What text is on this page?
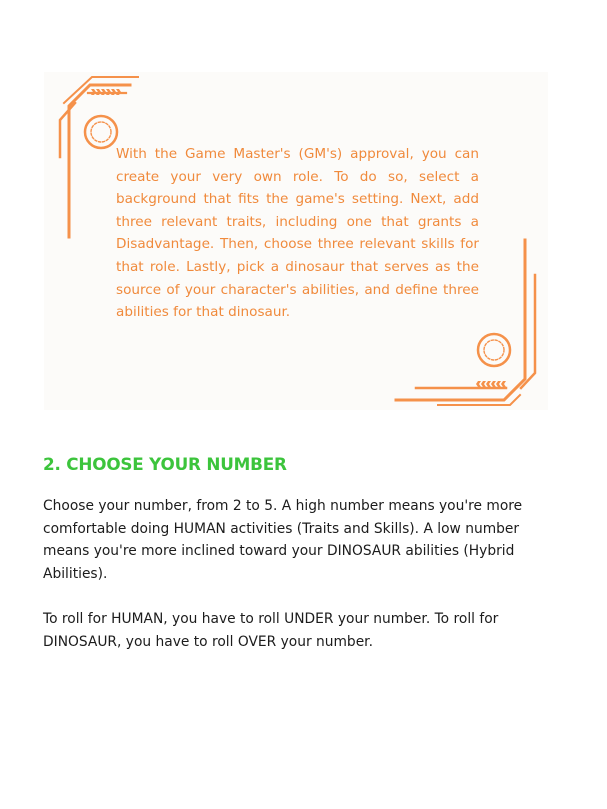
With the Game Master's (GM's) approval, you can create your very own role. To do so, select a background that fits the game's setting. Next, add three relevant traits, including one that grants a Disadvantage. Then, choose three relevant skills for that role. Lastly, pick a dinosaur that serves as the source of your character's abilities, and define three abilities for that dinosaur.

2. CHOOSE YOUR NUMBER

Choose your number, from 2 to 5. A high number means you're more comfortable doing HUMAN activities (Traits and Skills). A low number means you're more inclined toward your DINOSAUR abilities (Hybrid Abilities).

To roll for HUMAN, you have to roll UNDER your number. To roll for DINOSAUR, you have to roll OVER your number.
